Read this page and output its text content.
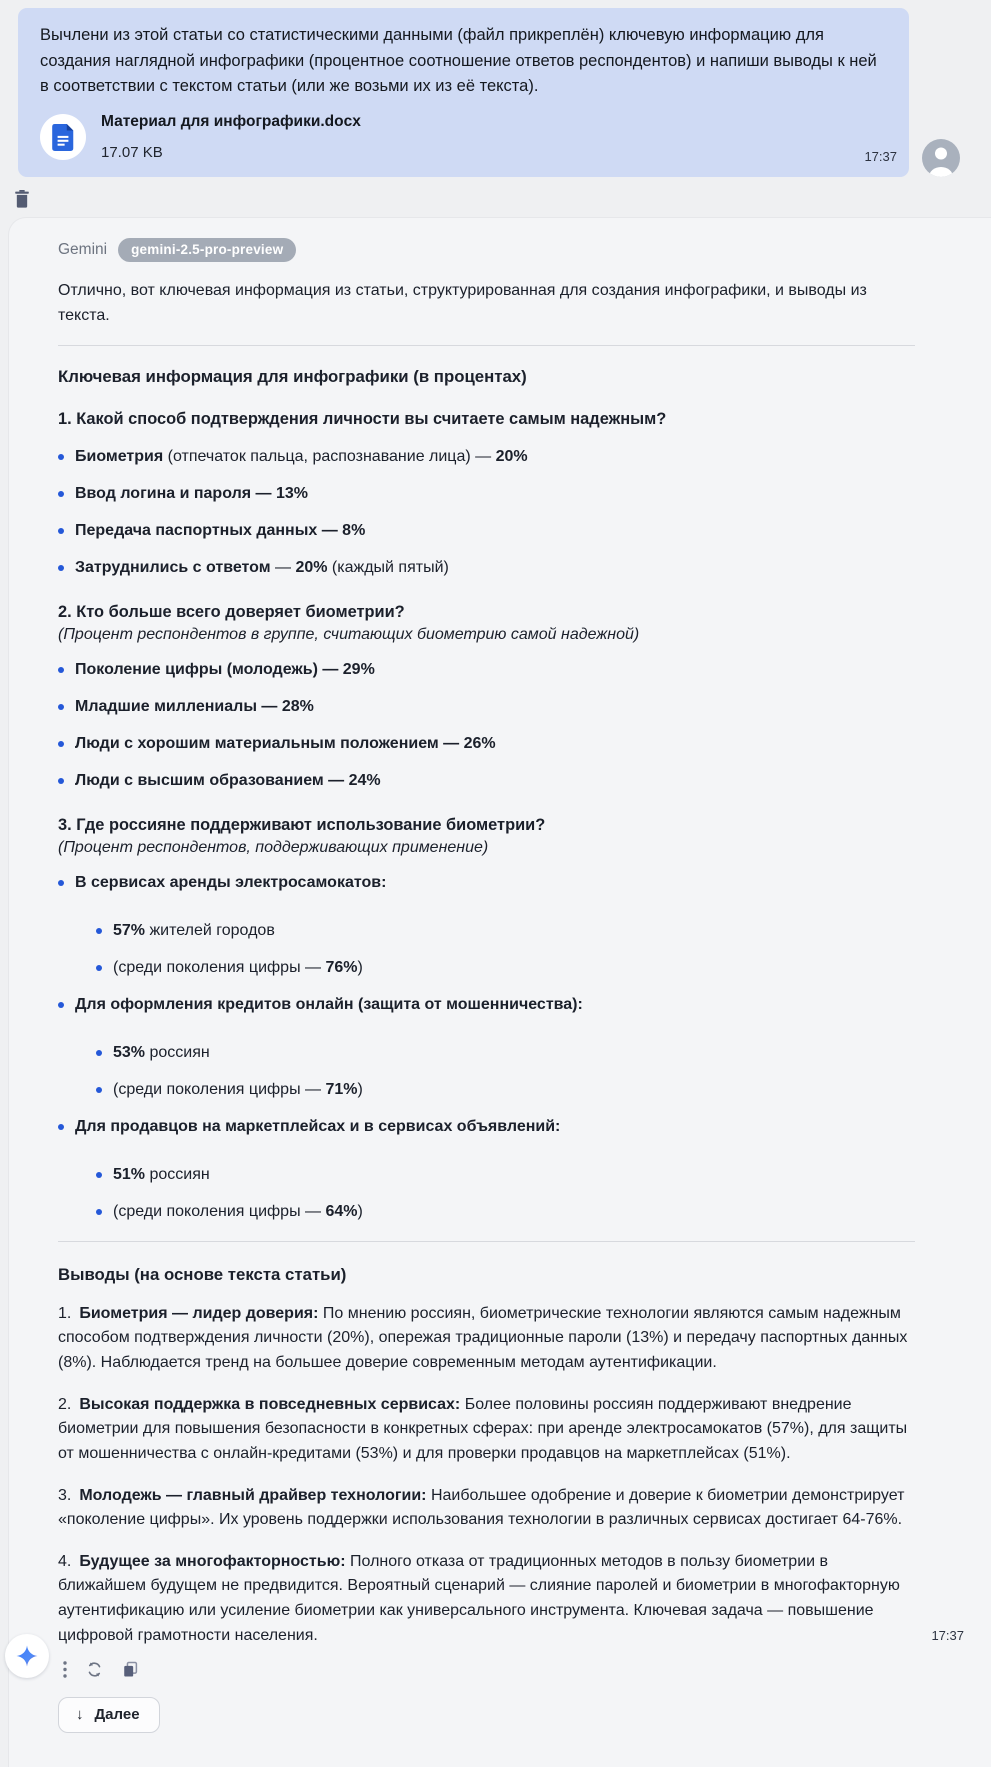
Вычлени из этой статьи со статистическими данными (файл прикреплён) ключевую информацию для создания наглядной инфографики (процентное соотношение ответов респондентов) и напиши выводы к ней в соответствии с текстом статьи (или же возьми их из её текста).
Материал для инфографики.docx
17.07 KB	17:37
Gemini	gemini-2.5-pro-preview

Отлично, вот ключевая информация из статьи, структурированная для создания инфографики, и выводы из текста.

Ключевая информация для инфографики (в процентах)
1. Какой способ подтверждения личности вы считаете самым надежным?
Биометрия (отпечаток пальца, распознавание лица) — 20%
Ввод логина и пароля — 13%
Передача паспортных данных — 8%
Затруднились с ответом — 20% (каждый пятый)
2. Кто больше всего доверяет биометрии?
(Процент респондентов в группе, считающих биометрию самой надежной)
Поколение цифры (молодежь) — 29%
Младшие миллениалы — 28%
Люди с хорошим материальным положением — 26%
Люди с высшим образованием — 24%
3. Где россияне поддерживают использование биометрии?
(Процент респондентов, поддерживающих применение)
В сервисах аренды электросамокатов:
57% жителей городов
(среди поколения цифры — 76%)
Для оформления кредитов онлайн (защита от мошенничества):
53% россиян
(среди поколения цифры — 71%)
Для продавцов на маркетплейсах и в сервисах объявлений:
51% россиян
(среди поколения цифры — 64%)
Выводы (на основе текста статьи)

1. Биометрия — лидер доверия: По мнению россиян, биометрические технологии являются самым надежным способом подтверждения личности (20%), опережая традиционные пароли (13%) и передачу паспортных данных (8%). Наблюдается тренд на большее доверие современным методам аутентификации.

2. Высокая поддержка в повседневных сервисах: Более половины россиян поддерживают внедрение биометрии для повышения безопасности в конкретных сферах: при аренде электросамокатов (57%), для защиты от мошенничества с онлайн-кредитами (53%) и для проверки продавцов на маркетплейсах (51%).

3. Молодежь — главный драйвер технологии: Наибольшее одобрение и доверие к биометрии демонстрирует «поколение цифры». Их уровень поддержки использования технологии в различных сервисах достигает 64-76%.

4. Будущее за многофакторностью: Полного отказа от традиционных методов в пользу биометрии в ближайшем будущем не предвидится. Вероятный сценарий — слияние паролей и биометрии в многофакторную аутентификацию или усиление биометрии как универсального инструмента. Ключевая задача — повышение цифровой грамотности населения.	17:37

↓ Далее
